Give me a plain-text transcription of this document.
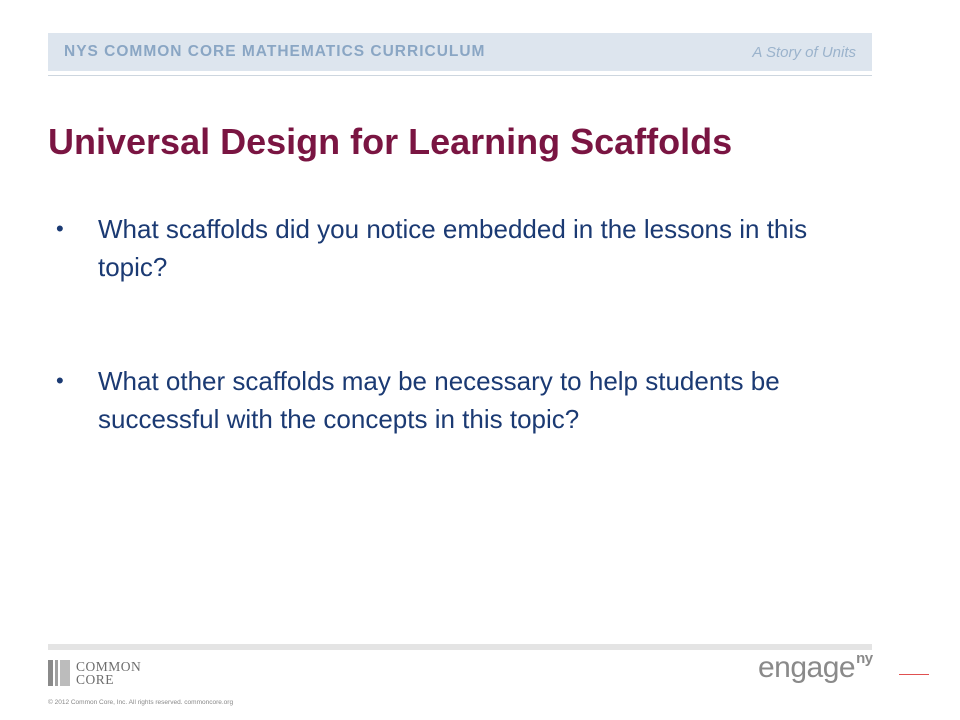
NYS COMMON CORE MATHEMATICS CURRICULUM	A Story of Units
Universal Design for Learning Scaffolds
• What scaffolds did you notice embedded in the lessons in this topic?
• What other scaffolds may be necessary to help students be successful with the concepts in this topic?
COMMON
CORE
© 2012 Common Core, Inc. All rights reserved. commoncore.org
engage$^{ny}$
